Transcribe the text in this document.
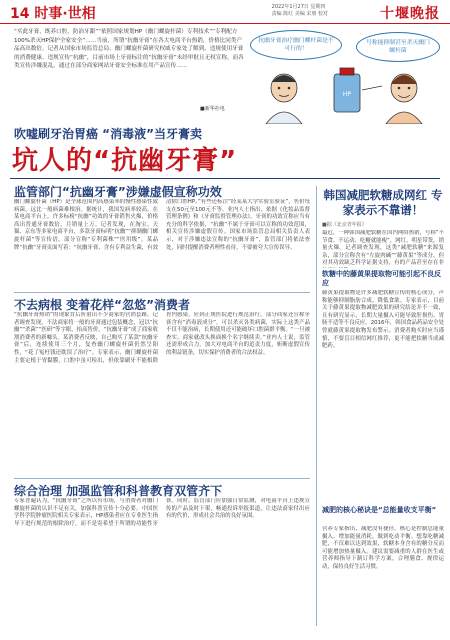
14 时事·世相	2022年1月27日 星期四
责编 陈红 美编 宋朋 校对	十堰晚报
“买此牙膏，既养口腔，防治牙龈”“依照国家规划HP（幽门螺旋杆菌）专利技术”“专利配方100%杀灭HP保护全家安全”……当前，所谓“抗幽牙膏”在各大电商平台热销，价格比同类产品高出数倍。记者从国家市场监管总局、幽门螺旋杆菌研究权威专家处了解到，违规使用牙膏的消费健康、违规宣传“抗幽”，目前市场上牙膏标注的“抗幽牙膏”未经审批且无权宣称，而各类宣传涉嫌混乱，通过在部分商家网站牙膏安全标准在用产品宣传……
■新华社电
HP
抗幽牙膏治疗幽门螺杆菌是不可行的！
号称能抑制甚至杀灭幽门螺杆菌
吹嘘刷牙治胃癌 “消毒液”当牙膏卖
坑人的“抗幽牙膏”
监管部门“抗幽牙膏”涉嫌虚假宣称功效
幽门螺旋杆菌（HP）是全球范围内高感染率的慢性感染性致病菌，远比一般病菌难根治。据统计，我国发病率较高。在某电商平台上，许多标榜“抗幽”功效的牙膏销售火爆，价格高出普通牙膏数倍，月销量上万。记者发现，在淘宝、天猫、京东等多家电商平台，多款牙膏标明“抗幽”“抑制幽门螺旋杆菌”等宣传语，部分宣称“专利菌株”“医用级”。某品牌“抗幽”牙膏页面写着：“抗幽牙膏，含有专利益生菌，有效清除口腔HP。”有些还标注“经某某大学实验室验证”，售价每支在50元至100元不等。业内人士指出，依据《化妆品监督管理条例》和《牙膏监督管理办法》，牙膏的功效宣称应当有充分的科学依据，“抗幽”不属于牙膏可以宣称的功效范围，相关宣传涉嫌虚假宣传。国家市场监管总局相关负责人表示，对于涉嫌违法宣称的“抗幽牙膏”，监管部门将依法查处，同时提醒消费者理性看待，不要被夸大宣传误导。
不去病根 变着花样“忽悠”消费者
“抗幽牙膏热销”的现象背后折射出不少商家的营销套路。记者调查发现，不法商家将一般的牙膏通过包装概念，冠以“抗幽”“杀菌”“医研”等字眼，抬高售价，“抗幽牙膏”成了商家收割消费者的新噱头。某消费者反映，自己购买了某款“抗幽牙膏”后，连续使用三个月，复查幽门螺旋杆菌仍然呈阳性，“花了冤枉钱还耽误了治疗”。专家表示，幽门螺旋杆菌主要定植于胃黏膜，口腔中虽可检出，但依靠刷牙不能根除胃内感染，应到正规医院进行规范治疗。部分商家还宣称牙膏含有“消毒液成分”，可以杀灭各类病菌，实际上这类产品不仅不能治病，长期使用还可能破坏口腔菌群平衡。“一旦被查实，商家就改头换面换个名字继续卖。”业内人士说，监管还需形成合力，加大对电商平台的追责力度，斩断虚假宣传的利益链条，切实保护消费者的合法权益。
综合治理 加强监管和科普教育双管齐下
专家普遍认为，“抗幽牙膏”之所以有市场，与消费者对幽门螺旋杆菌的认识不足有关，加强科普宣传十分必要。中国医学科学院肿瘤医院相关专家表示，HP感染者应在专业医生指导下进行规范的根除治疗，而不是寄希望于所谓的功能性牙膏。同时，监管部门应加强日常监测，对电商平台上违规宣传的产品及时下架，畅通投诉举报渠道，让违法商家付出应有的代价，形成社会共治的良好氛围。
韩国减肥软糖成网红 专家表示不靠谱！
■据《北京青年报》
最近，一种韩国减肥软糖在国内网络热销，号称“不节食、不运动、吃糖就能瘦”，网红、明星带货，销量火爆。记者调查发现，这类“减肥软糖”来源复杂，部分宣称含有“左旋肉碱”“藤黄果”等成分，但对其功效缺乏科学证据支持，有的产品甚至存在非
软糖中的藤黄果提取物可能引起不良反应
藤黄果提取物是许多减肥软糖宣传的核心成分，声称能够抑制脂肪合成、降低食欲。专家表示，目前关于藤黄果提取物减肥效果的研究结论并不一致，且有研究显示，长期大量摄入可能导致肝损伤、胃肠不适等不良反应。2016年，韩国食品药品安全处曾就藤黄果提取物发布警示。消费者购买时应当谨慎，不要盲目相信网红推荐，更不能把软糖当成减肥药。
减肥的核心秘诀是“总能量收支平衡”
营养专家指出，减肥没有捷径，核心是控制总能量摄入、增加能量消耗，做到吃动平衡。想靠吃糖减肥，不仅难以达到效果，软糖本身含有的糖分反而可能增加热量摄入。建议需要减重的人群在医生或营养师指导下制订科学方案，合理膳食、规律运动，保持良好生活习惯。
